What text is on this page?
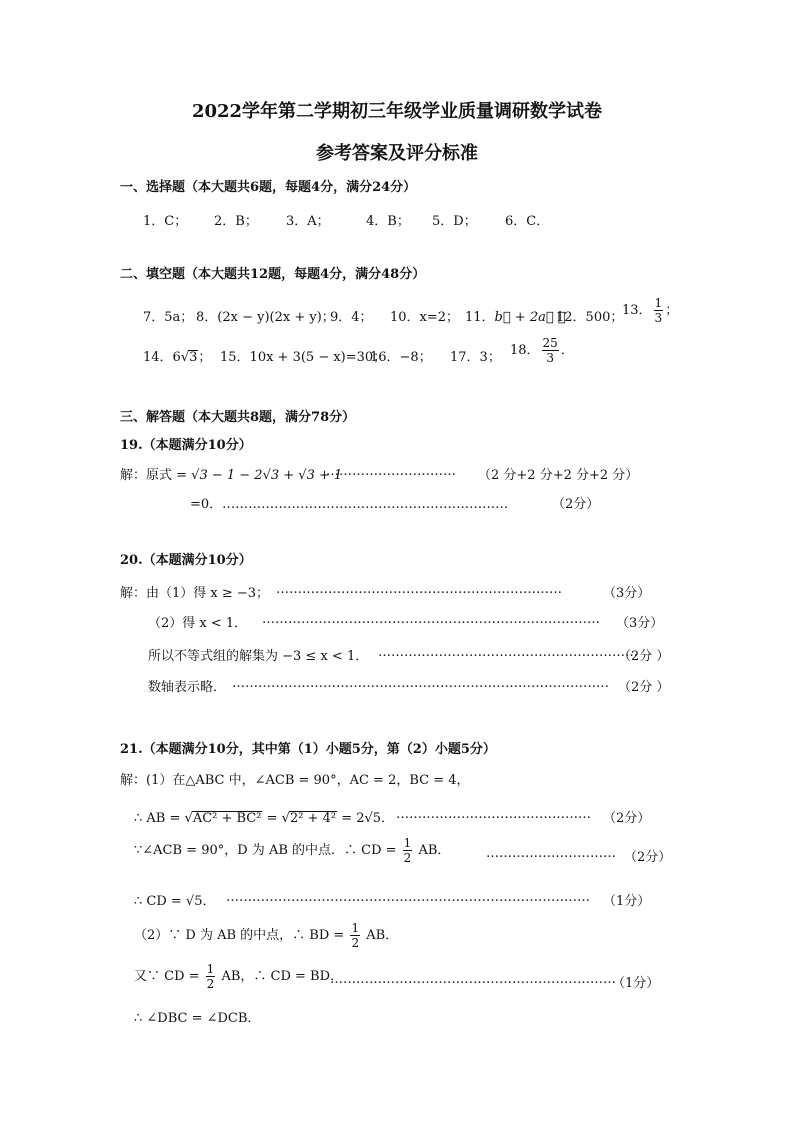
2022学年第二学期初三年级学业质量调研数学试卷
参考答案及评分标准
一、选择题（本大题共6题，每题4分，满分24分）
1．C； 2．B； 3．A；	4．B； 5．D； 6．C．
二、填空题（本大题共12题，每题4分，满分48分）
7．5a； 8．(2x − y)(2x + y)；
9．4； 10．x=2； 11．b⃗ + 2a⃗ ；
12．500；
13． $\frac{1}{3}$ ；
14．6√3； 15．10x + 3(5 − x)=30；
16．−8； 17．3； 18． $\frac{25}{3}$ ．
三、解答题（本大题共8题，满分78分）
19.（本题满分10分）
解：原式 = √3 − 1 − 2√3 + √3 + 1
………………………… （2 分+2 分+2 分+2 分）
=0．…………………………………………………………	（2分）
20.（本题满分10分）
解：由（1）得 x ≥ −3； …………………………………………………………	（3分）
（2）得 x < 1． …………………………………………………………………… （3分）
所以不等式组的解集为 −3 ≤ x < 1． ……………………………………………………
（2分 ）
数轴表示略． …………………………………………………………………………… （2分 ）
21.（本题满分10分，其中第（1）小题5分，第（2）小题5分）
解：(1）在△ABC 中，∠ACB = 90°，AC = 2，BC = 4，
∴ AB = √AC² + BC² = √2² + 4² = 2√5． ……………………………………… （2分）
∵∠ACB = 90°，D 为 AB 的中点．∴ CD = $\frac{1}{2}$ AB．	………………………… （2分）
∴ CD = √5． ………………………………………………………………………… （1分）
（2）∵ D 为 AB 的中点，∴ BD = $\frac{1}{2}$ AB．
又∵ CD = $\frac{1}{2}$ AB，∴ CD = BD．
…………………………………………………………
（1分）
∴ ∠DBC = ∠DCB．
